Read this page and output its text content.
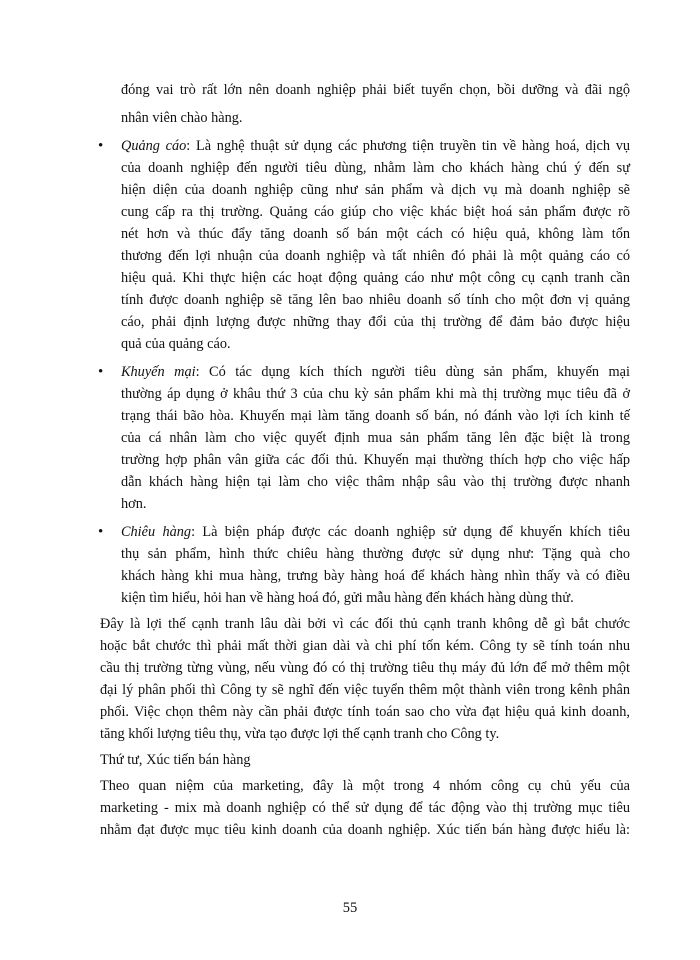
đóng vai trò rất lớn nên doanh nghiệp phải biết tuyển chọn, bồi dưỡng và đãi ngộ
nhân viên chào hàng.
•	Quảng cáo: Là nghệ thuật sử dụng các phương tiện truyền tin về hàng hoá, dịch vụ
của doanh nghiệp đến người tiêu dùng, nhằm làm cho khách hàng chú ý đến sự
hiện diện của doanh nghiệp cũng như sản phẩm và dịch vụ mà doanh nghiệp sẽ
cung cấp ra thị trường. Quảng cáo giúp cho việc khác biệt hoá sản phẩm được rõ
nét hơn và thúc đẩy tăng doanh số bán một cách có hiệu quả, không làm tổn
thương đến lợi nhuận của doanh nghiệp và tất nhiên đó phải là một quảng cáo có
hiệu quả. Khi thực hiện các hoạt động quảng cáo như một công cụ cạnh tranh cần
tính được doanh nghiệp sẽ tăng lên bao nhiêu doanh số tính cho một đơn vị quảng
cáo, phải định lượng được những thay đổi của thị trường để đảm bảo được hiệu
quả của quảng cáo.
•	Khuyến mại: Có tác dụng kích thích người tiêu dùng sản phẩm, khuyến mại
thường áp dụng ở khâu thứ 3 của chu kỳ sản phẩm khi mà thị trường mục tiêu đã ở
trạng thái bão hòa. Khuyến mại làm tăng doanh số bán, nó đánh vào lợi ích kinh tế
của cá nhân làm cho việc quyết định mua sản phẩm tăng lên đặc biệt là trong
trường hợp phân vân giữa các đối thủ. Khuyến mại thường thích hợp cho việc hấp
dẫn khách hàng hiện tại làm cho việc thâm nhập sâu vào thị trường được nhanh
hơn.
•	Chiêu hàng: Là biện pháp được các doanh nghiệp sử dụng để khuyến khích tiêu
thụ sản phẩm, hình thức chiêu hàng thường được sử dụng như: Tặng quà cho
khách hàng khi mua hàng, trưng bày hàng hoá để khách hàng nhìn thấy và có điều
kiện tìm hiểu, hỏi han về hàng hoá đó, gửi mẫu hàng đến khách hàng dùng thử.
Đây là lợi thế cạnh tranh lâu dài bởi vì các đối thủ cạnh tranh không dễ gì bắt chước
hoặc bắt chước thì phải mất thời gian dài và chi phí tốn kém. Công ty sẽ tính toán nhu
cầu thị trường từng vùng, nếu vùng đó có thị trường tiêu thụ máy đủ lớn để mở thêm một
đại lý phân phối thì Công ty sẽ nghĩ đến việc tuyển thêm một thành viên trong kênh phân
phối. Việc chọn thêm này cần phải được tính toán sao cho vừa đạt hiệu quả kinh doanh,
tăng khối lượng tiêu thụ, vừa tạo được lợi thế cạnh tranh cho Công ty.
Thứ tư, Xúc tiến bán hàng
Theo quan niệm của marketing, đây là một trong 4 nhóm công cụ chủ yếu của
marketing - mix mà doanh nghiệp có thể sử dụng để tác động vào thị trường mục tiêu
nhằm đạt được mục tiêu kinh doanh của doanh nghiệp. Xúc tiến bán hàng được hiểu là:
55
